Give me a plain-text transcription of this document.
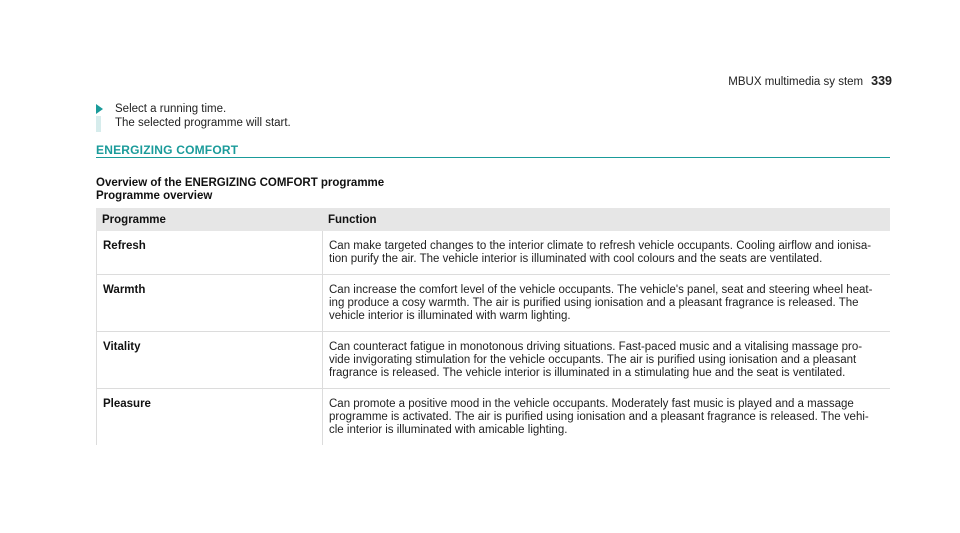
MBUX multimedia sy stem 339
Select a running time.
The selected programme will start.
ENERGIZING COMFORT
Overview of the ENERGIZING COMFORT programme
Programme overview
Programme	Function
Refresh	Can make targeted changes to the interior climate to refresh vehicle occupants. Cooling airflow and ionisa-tion purify the air. The vehicle interior is illuminated with cool colours and the seats are ventilated.
Warmth	Can increase the comfort level of the vehicle occupants. The vehicle's panel, seat and steering wheel heat-ing produce a cosy warmth. The air is purified using ionisation and a pleasant fragrance is released. The vehicle interior is illuminated with warm lighting.
Vitality	Can counteract fatigue in monotonous driving situations. Fast-paced music and a vitalising massage pro-vide invigorating stimulation for the vehicle occupants. The air is purified using ionisation and a pleasant fragrance is released. The vehicle interior is illuminated in a stimulating hue and the seat is ventilated.
Pleasure	Can promote a positive mood in the vehicle occupants. Moderately fast music is played and a massage programme is activated. The air is purified using ionisation and a pleasant fragrance is released. The vehi-cle interior is illuminated with amicable lighting.
